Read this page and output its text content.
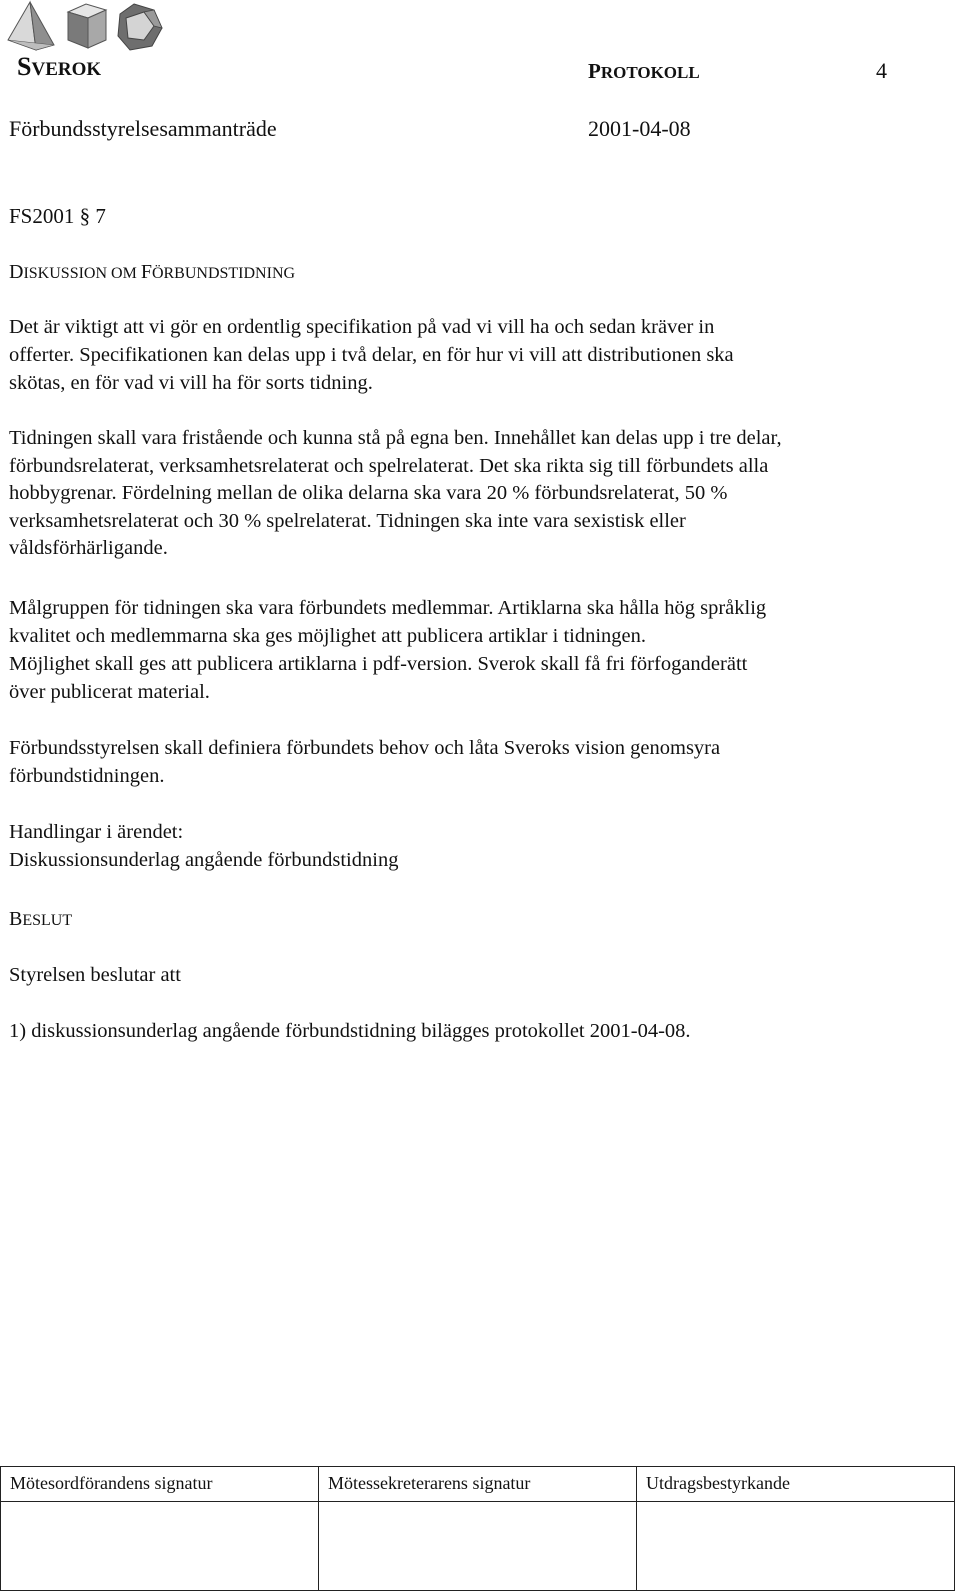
SVEROK	PROTOKOLL	4
Förbundsstyrelsesammanträde	2001-04-08
FS2001 § 7
DISKUSSION OM FÖRBUNDSTIDNING
Det är viktigt att vi gör en ordentlig specifikation på vad vi vill ha och sedan kräver in
offerter. Specifikationen kan delas upp i två delar, en för hur vi vill att distributionen ska
skötas, en för vad vi vill ha för sorts tidning.
Tidningen skall vara fristående och kunna stå på egna ben. Innehållet kan delas upp i tre delar,
förbundsrelaterat, verksamhetsrelaterat och spelrelaterat. Det ska rikta sig till förbundets alla
hobbygrenar. Fördelning mellan de olika delarna ska vara 20 % förbundsrelaterat, 50 %
verksamhetsrelaterat och 30 % spelrelaterat. Tidningen ska inte vara sexistisk eller
våldsförhärligande.
Målgruppen för tidningen ska vara förbundets medlemmar. Artiklarna ska hålla hög språklig
kvalitet och medlemmarna ska ges möjlighet att publicera artiklar i tidningen.
Möjlighet skall ges att publicera artiklarna i pdf-version. Sverok skall få fri förfoganderätt
över publicerat material.
Förbundsstyrelsen skall definiera förbundets behov och låta Sveroks vision genomsyra
förbundstidningen.
Handlingar i ärendet:
Diskussionsunderlag angående förbundstidning
BESLUT
Styrelsen beslutar att
1) diskussionsunderlag angående förbundstidning bilägges protokollet 2001-04-08.
Mötesordförandens signatur	Mötessekreterarens signatur	Utdragsbestyrkande
